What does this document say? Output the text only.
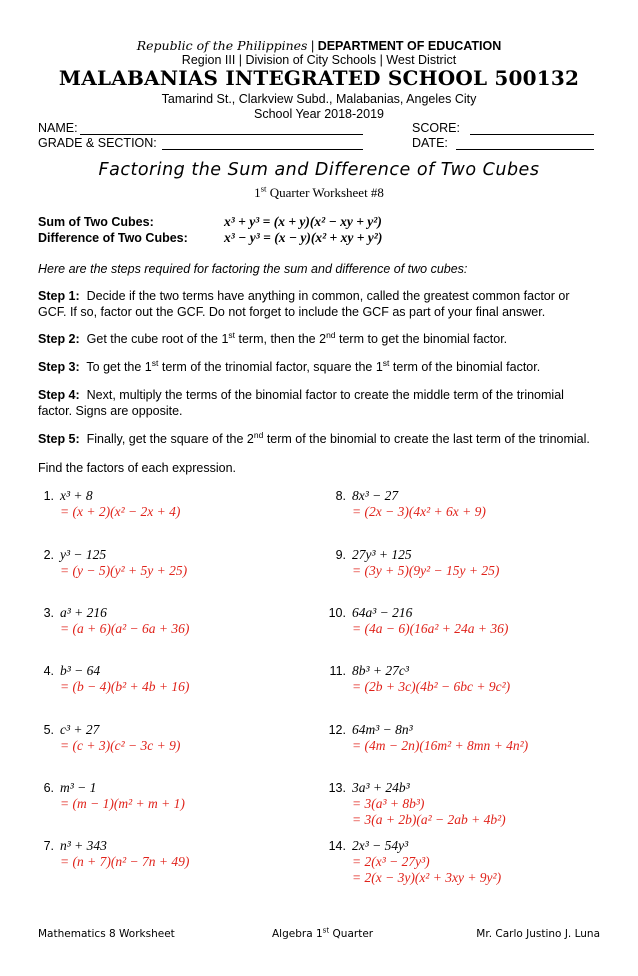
Republic of the Philippines | DEPARTMENT OF EDUCATION
Region III | Division of City Schools | West District
MALABANIAS INTEGRATED SCHOOL 500132
Tamarind St., Clarkview Subd., Malabanias, Angeles City
School Year 2018-2019
NAME:	SCORE:
GRADE & SECTION:	DATE:
Factoring the Sum and Difference of Two Cubes
1st Quarter Worksheet #8
Sum of Two Cubes:	x³ + y³ = (x + y)(x² − xy + y²)
Difference of Two Cubes:	x³ − y³ = (x − y)(x² + xy + y²)
Here are the steps required for factoring the sum and difference of two cubes:
Step 1: Decide if the two terms have anything in common, called the greatest common factor or GCF. If so, factor out the GCF. Do not forget to include the GCF as part of your final answer.
Step 2: Get the cube root of the 1st term, then the 2nd term to get the binomial factor.
Step 3: To get the 1st term of the trinomial factor, square the 1st term of the binomial factor.
Step 4: Next, multiply the terms of the binomial factor to create the middle term of the trinomial factor. Signs are opposite.
Step 5: Finally, get the square of the 2nd term of the binomial to create the last term of the trinomial.
Find the factors of each expression.
1. x³ + 8
= (x + 2)(x² − 2x + 4)
2. y³ − 125
= (y − 5)(y² + 5y + 25)
3. a³ + 216
= (a + 6)(a² − 6a + 36)
4. b³ − 64
= (b − 4)(b² + 4b + 16)
5. c³ + 27
= (c + 3)(c² − 3c + 9)
6. m³ − 1
= (m − 1)(m² + m + 1)
7. n³ + 343
= (n + 7)(n² − 7n + 49)
8. 8x³ − 27
= (2x − 3)(4x² + 6x + 9)
9. 27y³ + 125
= (3y + 5)(9y² − 15y + 25)
10. 64a³ − 216
= (4a − 6)(16a² + 24a + 36)
11. 8b³ + 27c³
= (2b + 3c)(4b² − 6bc + 9c²)
12. 64m³ − 8n³
= (4m − 2n)(16m² + 8mn + 4n²)
13. 3a³ + 24b³
= 3(a³ + 8b³)
= 3(a + 2b)(a² − 2ab + 4b²)
14. 2x³ − 54y³
= 2(x³ − 27y³)
= 2(x − 3y)(x² + 3xy + 9y²)
Mathematics 8 Worksheet	Algebra 1st Quarter	Mr. Carlo Justino J. Luna
